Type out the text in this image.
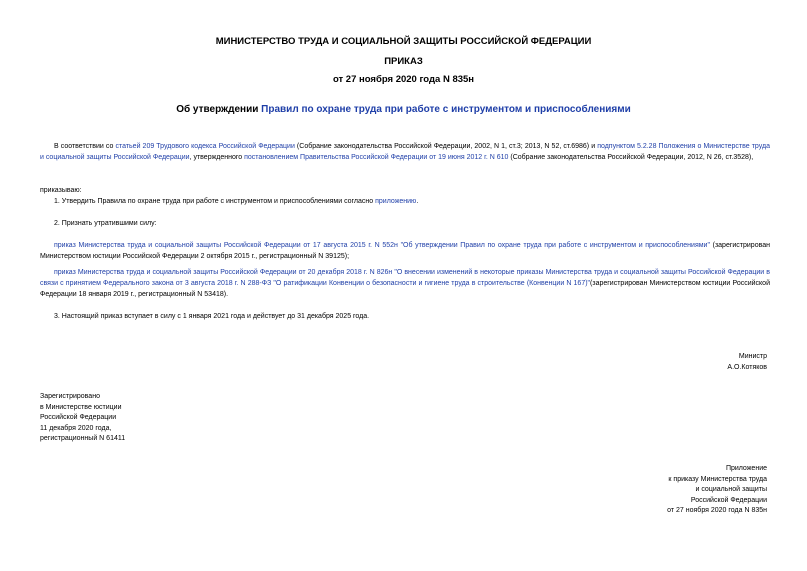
МИНИСТЕРСТВО ТРУДА И СОЦИАЛЬНОЙ ЗАЩИТЫ РОССИЙСКОЙ ФЕДЕРАЦИИ
ПРИКАЗ
от 27 ноября 2020 года N 835н
Об утверждении Правил по охране труда при работе с инструментом и приспособлениями
В соответствии со статьей 209 Трудового кодекса Российской Федерации (Собрание законодательства Российской Федерации, 2002, N 1, ст.3; 2013, N 52, ст.6986) и подпунктом 5.2.28 Положения о Министерстве труда и социальной защиты Российской Федерации, утвержденного постановлением Правительства Российской Федерации от 19 июня 2012 г. N 610 (Собрание законодательства Российской Федерации, 2012, N 26, ст.3528),
приказываю:
1. Утвердить Правила по охране труда при работе с инструментом и приспособлениями согласно приложению.
2. Признать утратившими силу:
приказ Министерства труда и социальной защиты Российской Федерации от 17 августа 2015 г. N 552н "Об утверждении Правил по охране труда при работе с инструментом и приспособлениями" (зарегистрирован Министерством юстиции Российской Федерации 2 октября 2015 г., регистрационный N 39125);
приказ Министерства труда и социальной защиты Российской Федерации от 20 декабря 2018 г. N 826н "О внесении изменений в некоторые приказы Министерства труда и социальной защиты Российской Федерации в связи с принятием Федерального закона от 3 августа 2018 г. N 288-ФЗ "О ратификации Конвенции о безопасности и гигиене труда в строительстве (Конвенции N 167)"(зарегистрирован Министерством юстиции Российской Федерации 18 января 2019 г., регистрационный N 53418).
3. Настоящий приказ вступает в силу с 1 января 2021 года и действует до 31 декабря 2025 года.
Министр
А.О.Котяков
Зарегистрировано
в Министерстве юстиции
Российской Федерации
11 декабря 2020 года,
регистрационный N 61411
Приложение
к приказу Министерства труда
и социальной защиты
Российской Федерации
от 27 ноября 2020 года N 835н
